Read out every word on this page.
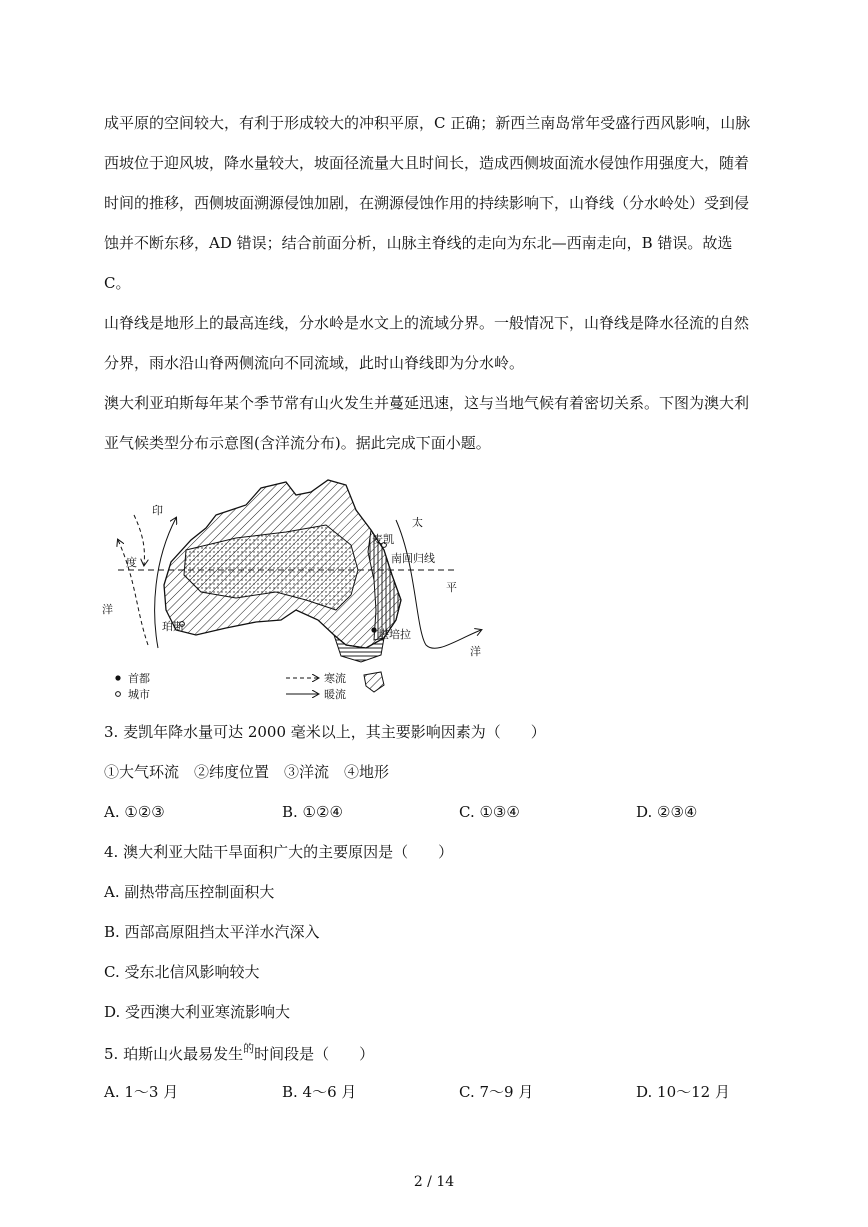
成平原的空间较大，有利于形成较大的冲积平原，C 正确；新西兰南岛常年受盛行西风影响，山脉
西坡位于迎风坡，降水量较大，坡面径流量大且时间长，造成西侧坡面流水侵蚀作用强度大，随着
时间的推移，西侧坡面溯源侵蚀加剧，在溯源侵蚀作用的持续影响下，山脊线（分水岭处）受到侵
蚀并不断东移，AD 错误；结合前面分析，山脉主脊线的走向为东北—西南走向，B 错误。故选
C。
山脊线是地形上的最高连线，分水岭是水文上的流域分界。一般情况下，山脊线是降水径流的自然
分界，雨水沿山脊两侧流向不同流域，此时山脊线即为分水岭。
澳大利亚珀斯每年某个季节常有山火发生并蔓延迅速，这与当地气候有着密切关系。下图为澳大利
亚气候类型分布示意图(含洋流分布)。据此完成下面小题。
印
度
洋
太
平
洋
麦凯
南回归线
珀斯
堪培拉
首都
城市
寒流
暖流
3. 麦凯年降水量可达 2000 毫米以上，其主要影响因素为（　　）
①大气环流　②纬度位置　③洋流　④地形
A. ①②③	B. ①②④	C. ①③④	D. ②③④
4. 澳大利亚大陆干旱面积广大的主要原因是（　　）
A. 副热带高压控制面积大
B. 西部高原阻挡太平洋水汽深入
C. 受东北信风影响较大
D. 受西澳大利亚寒流影响大
5. 珀斯山火最易发生$^的$时间段是（　　）
A. 1～3 月	B. 4～6 月	C. 7～9 月	D. 10～12 月
2 / 14
